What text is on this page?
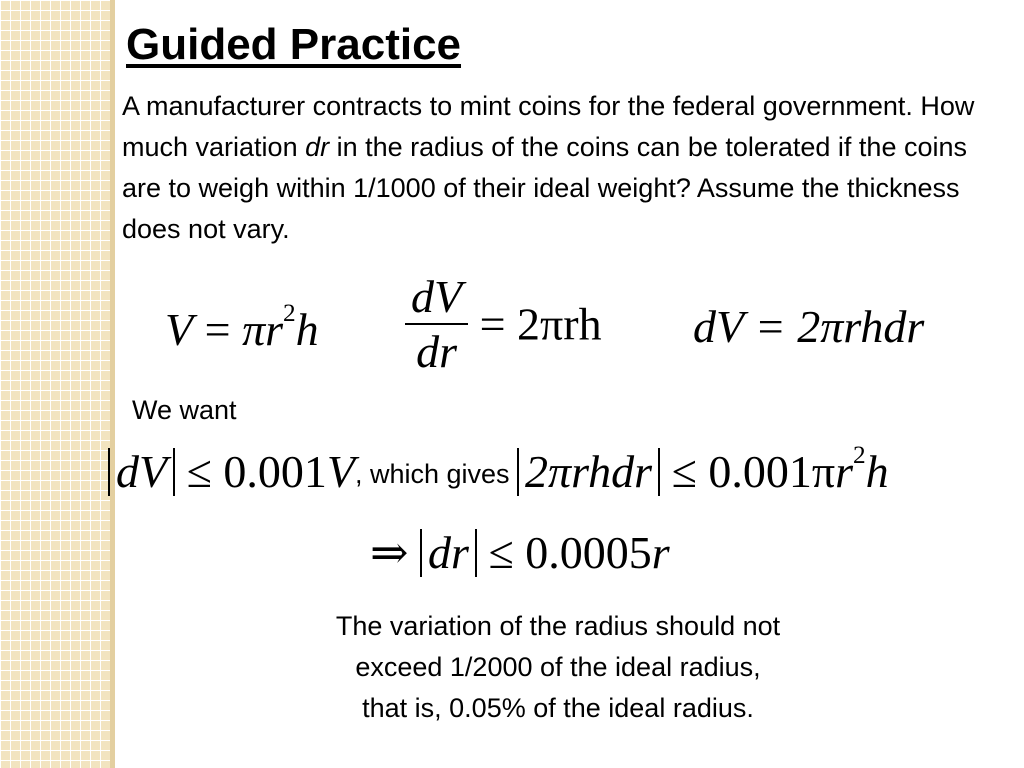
Guided Practice
A manufacturer contracts to mint coins for the federal government. How much variation dr in the radius of the coins can be tolerated if the coins are to weigh within 1/1000 of their ideal weight? Assume the thickness does not vary.
$V = \pi r^2h \frac{dV}{dr} = 2\pi rh$ dV = 2πrhdr
We want
dV ≤ 0.001V, which gives 2πrhdr ≤ $0.001\pi r^2h$
⇒ dr ≤ 0.0005r
The variation of the radius should not
exceed 1/2000 of the ideal radius,
that is, 0.05% of the ideal radius.
